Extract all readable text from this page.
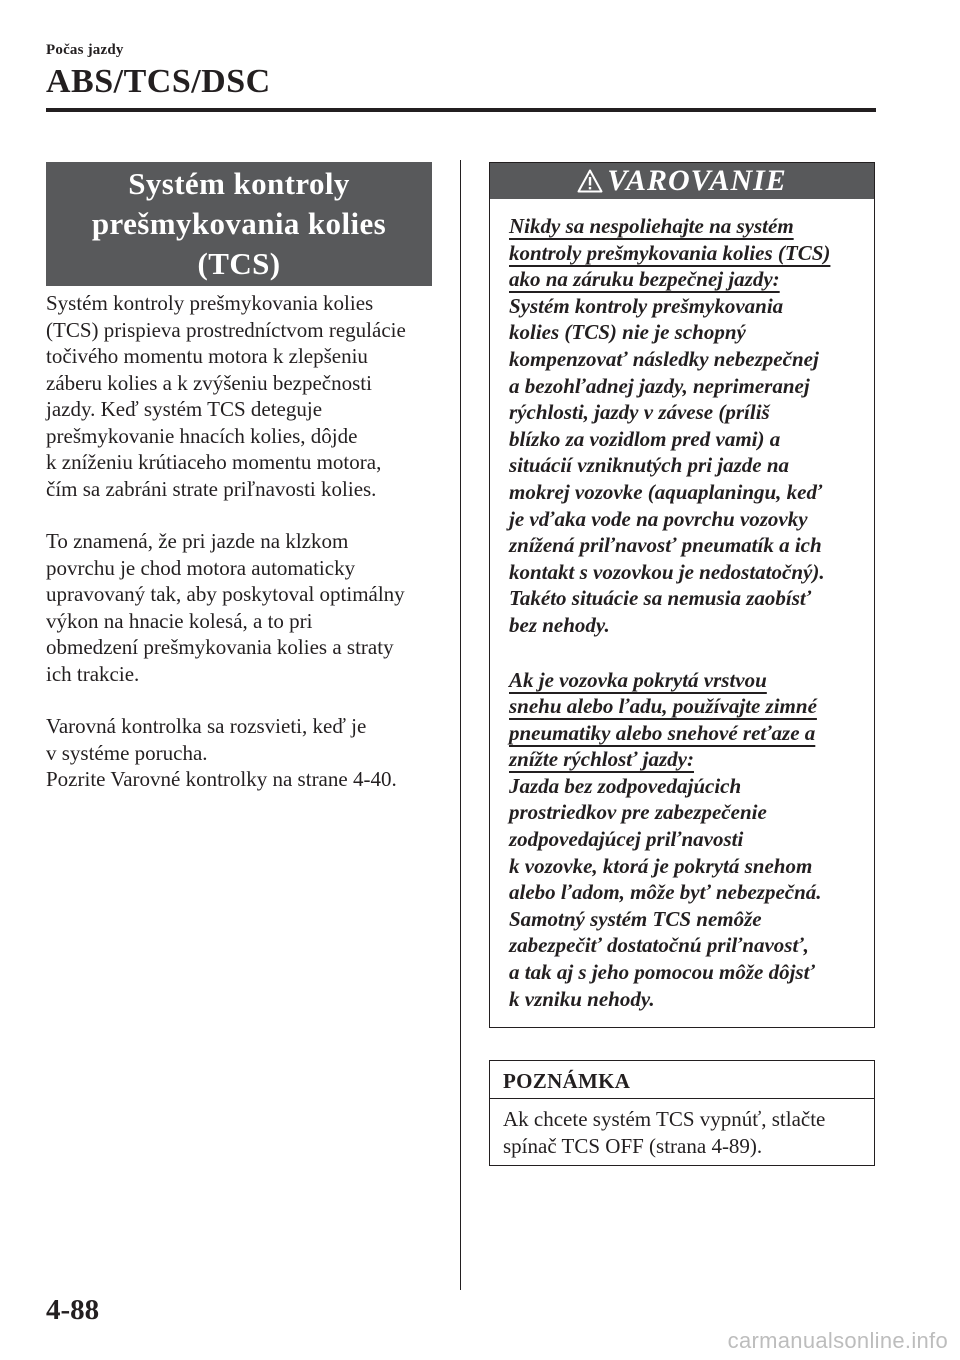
Počas jazdy
ABS/TCS/DSC
Systém kontroly
prešmykovania kolies
(TCS)

Systém kontroly prešmykovania kolies
(TCS) prispieva prostredníctvom regulácie
točivého momentu motora k zlepšeniu
záberu kolies a k zvýšeniu bezpečnosti
jazdy. Keď systém TCS deteguje
prešmykovanie hnacích kolies, dôjde
k zníženiu krútiaceho momentu motora,
čím sa zabráni strate priľnavosti kolies.

To znamená, že pri jazde na klzkom
povrchu je chod motora automaticky
upravovaný tak, aby poskytoval optimálny
výkon na hnacie kolesá, a to pri
obmedzení prešmykovania kolies a straty
ich trakcie.

Varovná kontrolka sa rozsvieti, keď je
v systéme porucha.
Pozrite Varovné kontrolky na strane 4-40.

VAROVANIE
Nikdy sa nespoliehajte na systém
kontroly prešmykovania kolies (TCS)
ako na záruku bezpečnej jazdy:
Systém kontroly prešmykovania
kolies (TCS) nie je schopný
kompenzovať následky nebezpečnej
a bezohľadnej jazdy, neprimeranej
rýchlosti, jazdy v závese (príliš
blízko za vozidlom pred vami) a
situácií vzniknutých pri jazde na
mokrej vozovke (aquaplaningu, keď
je vďaka vode na povrchu vozovky
znížená priľnavosť pneumatík a ich
kontakt s vozovkou je nedostatočný).
Takéto situácie sa nemusia zaobísť
bez nehody.
Ak je vozovka pokrytá vrstvou
snehu alebo ľadu, používajte zimné
pneumatiky alebo snehové reťaze a
znížte rýchlosť jazdy:
Jazda bez zodpovedajúcich
prostriedkov pre zabezpečenie
zodpovedajúcej priľnavosti
k vozovke, ktorá je pokrytá snehom
alebo ľadom, môže byť nebezpečná.
Samotný systém TCS nemôže
zabezpečiť dostatočnú priľnavosť,
a tak aj s jeho pomocou môže dôjsť
k vzniku nehody.
POZNÁMKA
Ak chcete systém TCS vypnúť, stlačte
spínač TCS OFF (strana 4-89).
4-88
carmanualsonline.info
